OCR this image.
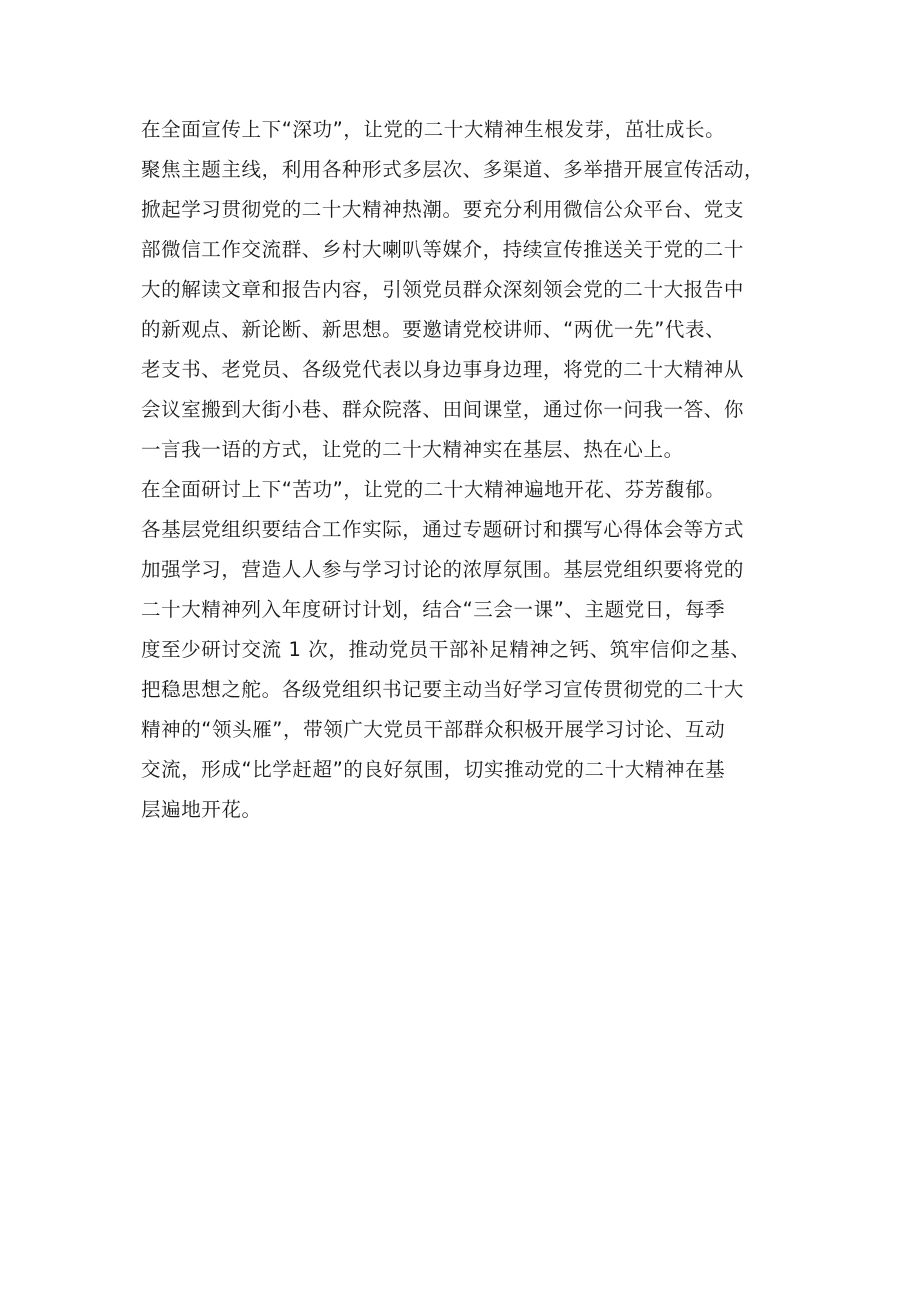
在全面宣传上下“深功”，让党的二十大精神生根发芽，茁壮成长。
聚焦主题主线，利用各种形式多层次、多渠道、多举措开展宣传活动，
掀起学习贯彻党的二十大精神热潮。要充分利用微信公众平台、党支
部微信工作交流群、乡村大喇叭等媒介，持续宣传推送关于党的二十
大的解读文章和报告内容，引领党员群众深刻领会党的二十大报告中
的新观点、新论断、新思想。要邀请党校讲师、“两优一先”代表、
老支书、老党员、各级党代表以身边事身边理，将党的二十大精神从
会议室搬到大街小巷、群众院落、田间课堂，通过你一问我一答、你
一言我一语的方式，让党的二十大精神实在基层、热在心上。
在全面研讨上下“苦功”，让党的二十大精神遍地开花、芬芳馥郁。
各基层党组织要结合工作实际，通过专题研讨和撰写心得体会等方式
加强学习，营造人人参与学习讨论的浓厚氛围。基层党组织要将党的
二十大精神列入年度研讨计划，结合“三会一课”、主题党日，每季
度至少研讨交流 1 次，推动党员干部补足精神之钙、筑牢信仰之基、
把稳思想之舵。各级党组织书记要主动当好学习宣传贯彻党的二十大
精神的“领头雁”，带领广大党员干部群众积极开展学习讨论、互动
交流，形成“比学赶超”的良好氛围，切实推动党的二十大精神在基
层遍地开花。
